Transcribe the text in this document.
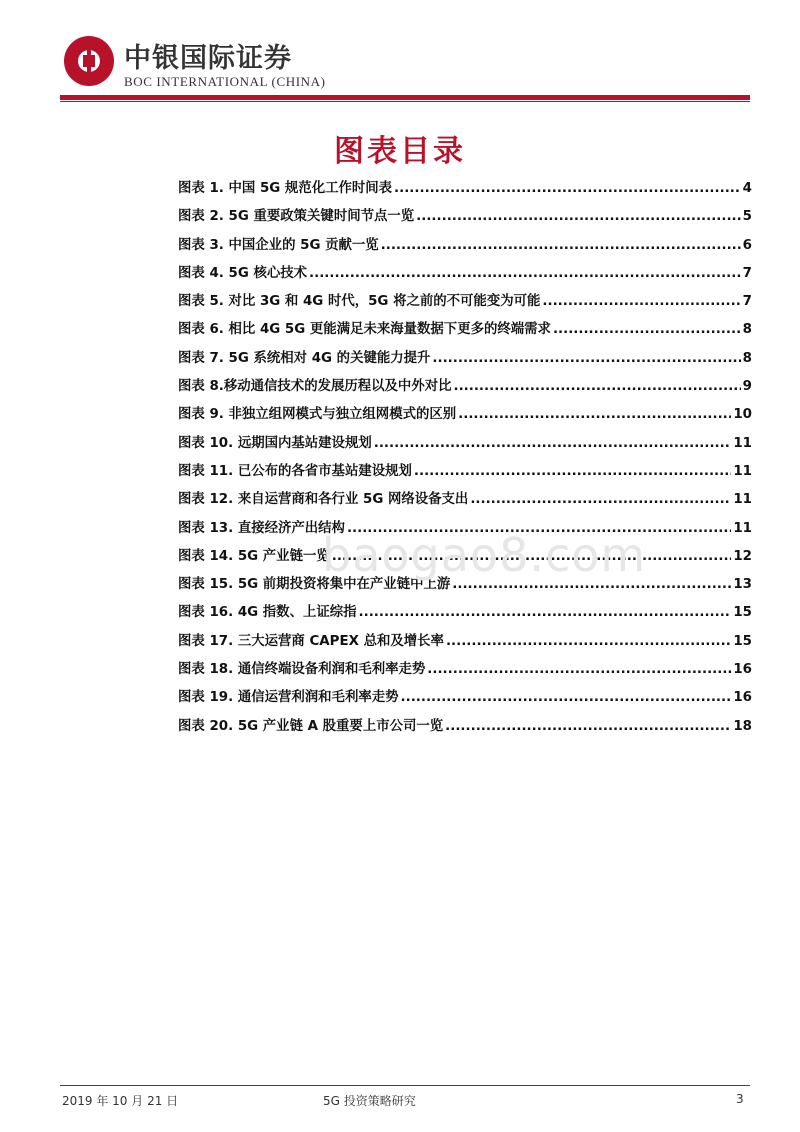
中银国际证券
BOC INTERNATIONAL (CHINA)
图表目录
图表 1. 中国 5G 规范化工作时间表 .....	4
图表 2. 5G 重要政策关键时间节点一览 .....	5
图表 3. 中国企业的 5G 贡献一览 .....	6
图表 4. 5G 核心技术 .....	7
图表 5. 对比 3G 和 4G 时代，5G 将之前的不可能变为可能 .....	7
图表 6. 相比 4G 5G 更能满足未来海量数据下更多的终端需求 .....	8
图表 7. 5G 系统相对 4G 的关键能力提升 .....	8
图表 8.移动通信技术的发展历程以及中外对比 .....	9
图表 9. 非独立组网模式与独立组网模式的区别 .....	10
图表 10. 远期国内基站建设规划 .....	11
图表 11. 已公布的各省市基站建设规划 .....	11
图表 12. 来自运营商和各行业 5G 网络设备支出 .....	11
图表 13. 直接经济产出结构 .....	11
图表 14. 5G 产业链一览 .....	12
图表 15. 5G 前期投资将集中在产业链中上游 .....	13
图表 16. 4G 指数、上证综指 .....	15
图表 17. 三大运营商 CAPEX 总和及增长率 .....	15
图表 18. 通信终端设备利润和毛利率走势 .....	16
图表 19. 通信运营利润和毛利率走势 .....	16
图表 20. 5G 产业链 A 股重要上市公司一览 .....	18
baogao8.com
2019 年 10 月 21 日	5G 投资策略研究	3
